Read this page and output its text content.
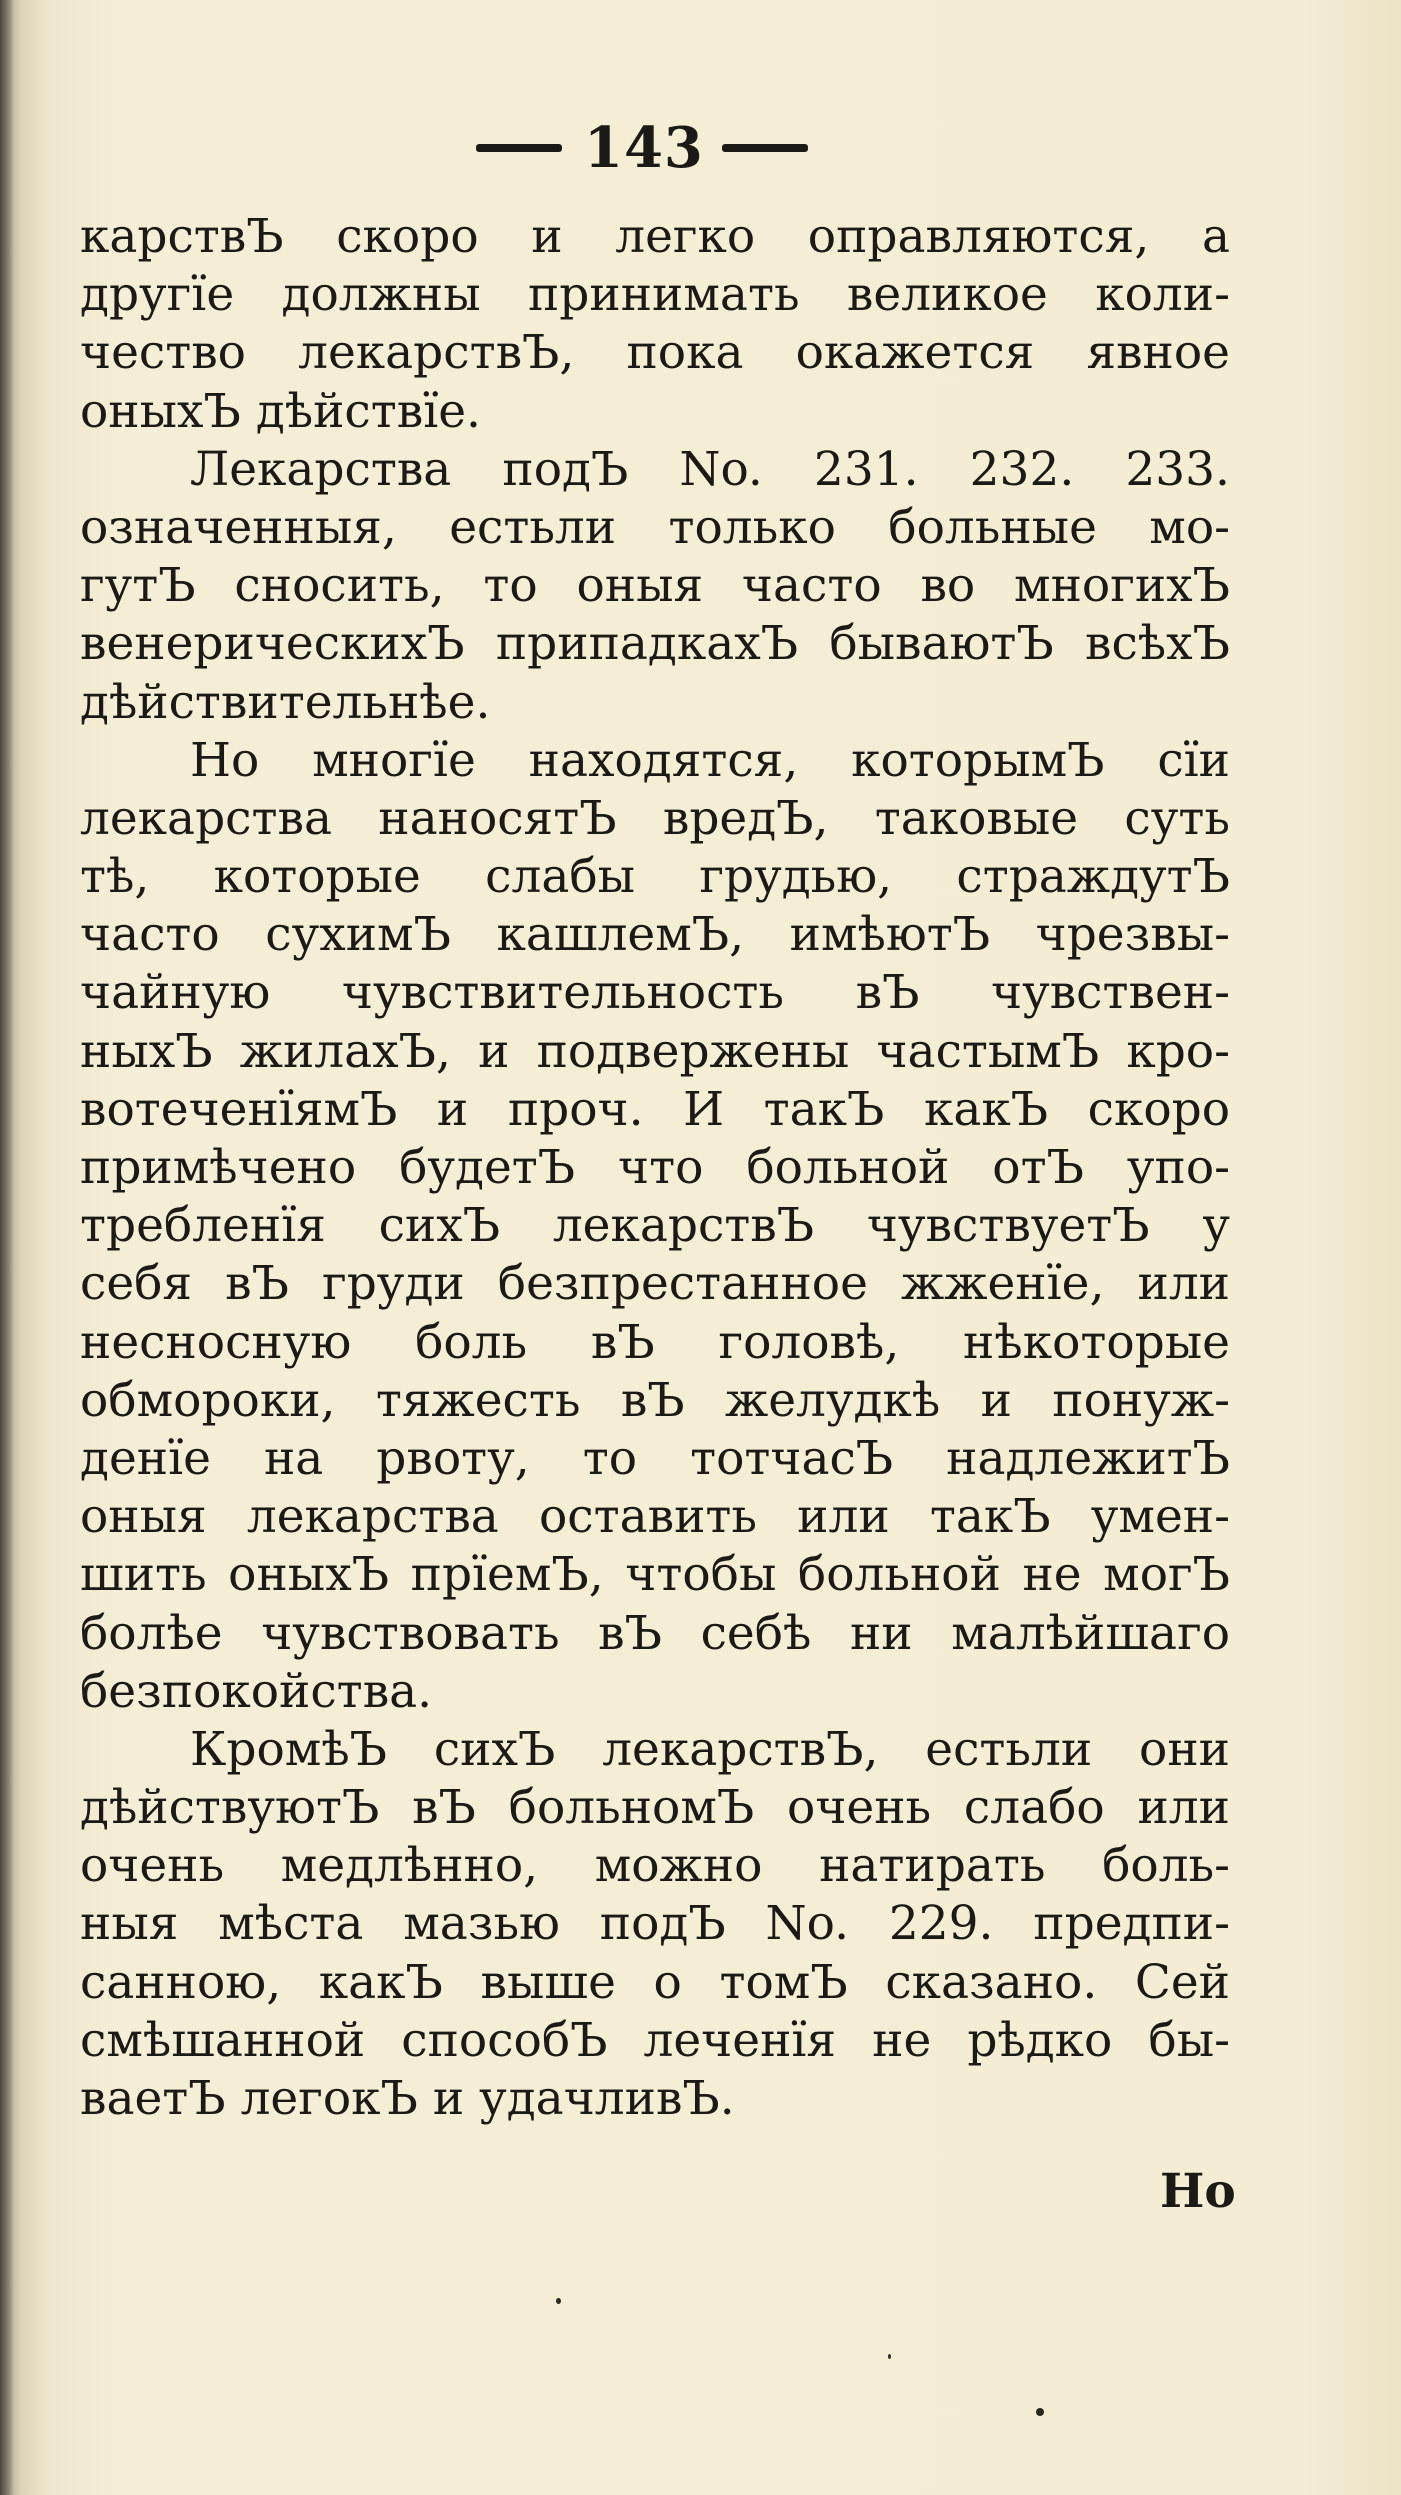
143
карствЪ скоро и легко оправляются, а
другїе должны принимать великое коли-
чество лекарствЪ, пока окажется явное
оныхЪ дѣйствїе.
Лекарства подЪ No. 231. 232. 233.
означенныя, естьли только больные мо-
гутЪ сносить, то оныя часто во многихЪ
венерическихЪ припадкахЪ бываютЪ всѣхЪ
дѣйствительнѣе.
Но многїе находятся, которымЪ сїи
лекарства наносятЪ вредЪ, таковые суть
тѣ, которые слабы грудью, страждутЪ
часто сухимЪ кашлемЪ, имѣютЪ чрезвы-
чайную чувствительность вЪ чувствен-
ныхЪ жилахЪ, и подвержены частымЪ кро-
вотеченїямЪ и проч. И такЪ какЪ скоро
примѣчено будетЪ что больной отЪ упо-
требленїя сихЪ лекарствЪ чувствуетЪ у
себя вЪ груди безпрестанное жженїе, или
несносную боль вЪ головѣ, нѣкоторые
обмороки, тяжесть вЪ желудкѣ и понуж-
денїе на рвоту, то тотчасЪ надлежитЪ
оныя лекарства оставить или такЪ умен-
шить оныхЪ прїемЪ, чтобы больной не могЪ
болѣе чувствовать вЪ себѣ ни малѣйшаго
безпокойства.
КромѣЪ сихЪ лекарствЪ, естьли они
дѣйствуютЪ вЪ больномЪ очень слабо или
очень медлѣнно, можно натирать боль-
ныя мѣста мазью подЪ No. 229. предпи-
санною, какЪ выше о томЪ сказано. Сей
смѣшанной способЪ леченїя не рѣдко бы-
ваетЪ легокЪ и удачливЪ.
Но
